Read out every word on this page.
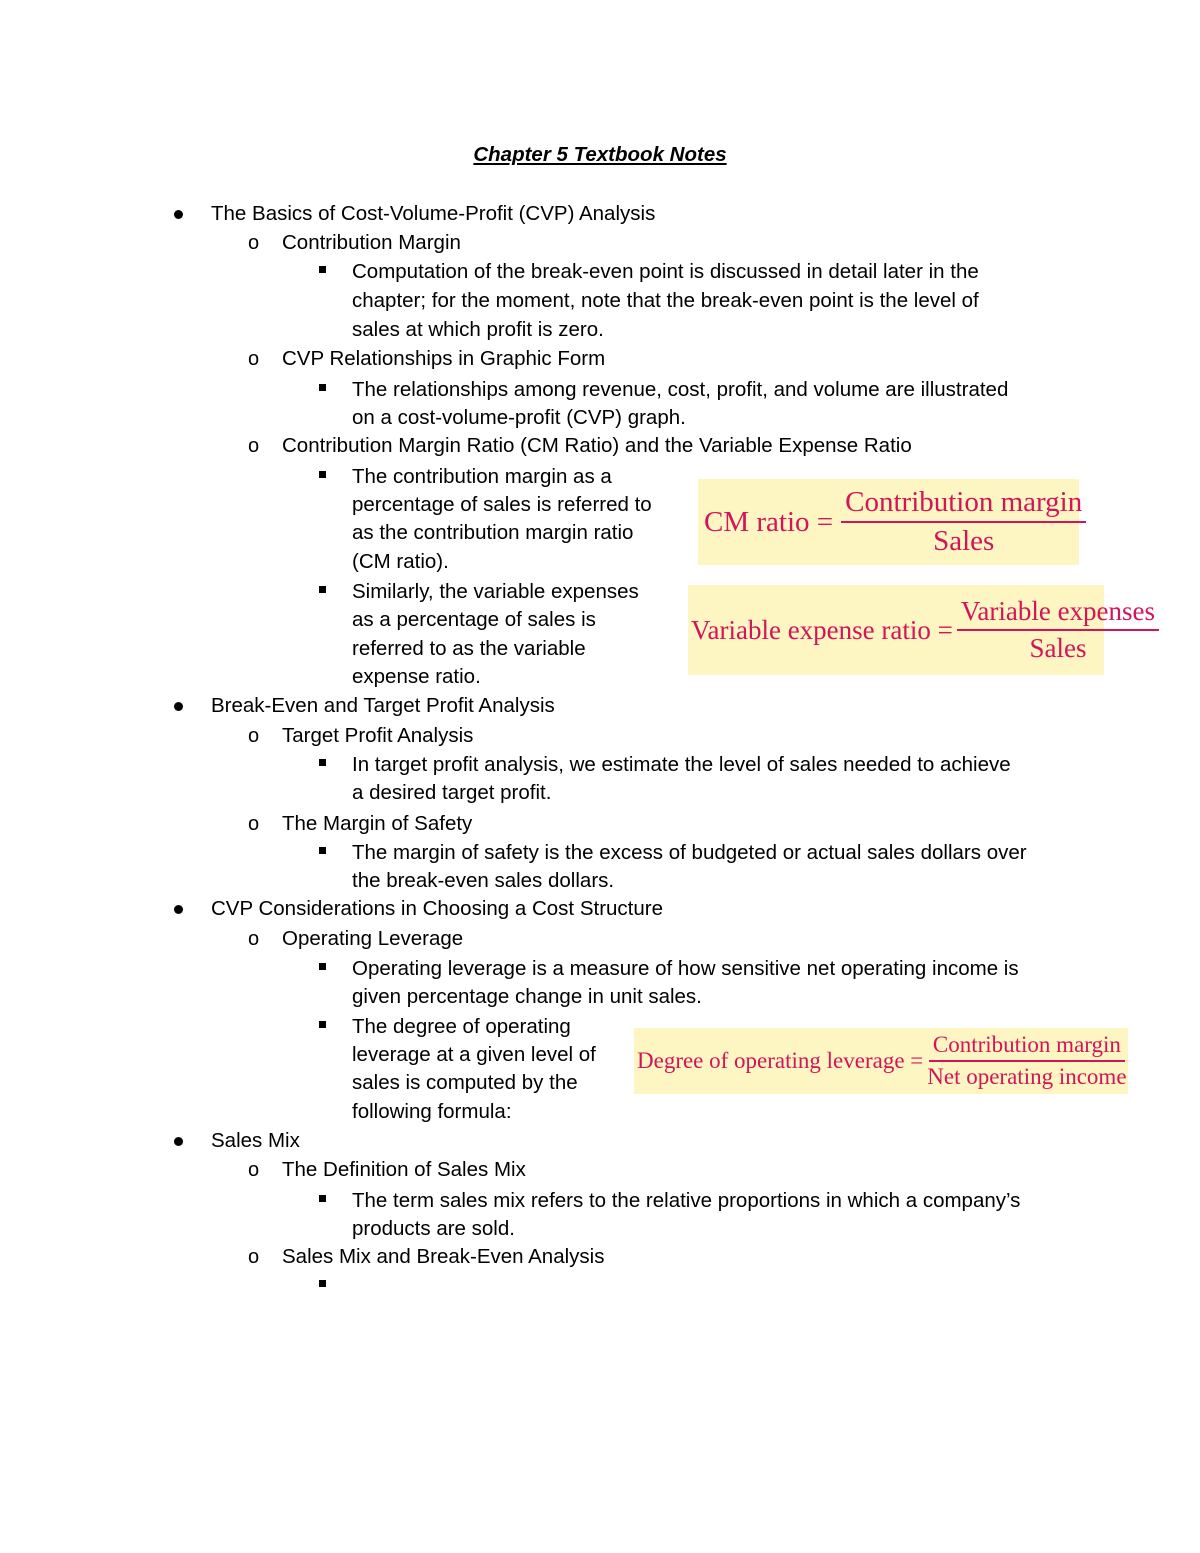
Chapter 5 Textbook Notes
The Basics of Cost-Volume-Profit (CVP) Analysis
o Contribution Margin
Computation of the break-even point is discussed in detail later in the
chapter; for the moment, note that the break-even point is the level of
sales at which profit is zero.
o CVP Relationships in Graphic Form
The relationships among revenue, cost, profit, and volume are illustrated
on a cost-volume-profit (CVP) graph.
o Contribution Margin Ratio (CM Ratio) and the Variable Expense Ratio
The contribution margin as a
percentage of sales is referred to
as the contribution margin ratio
(CM ratio).
Similarly, the variable expenses
as a percentage of sales is
referred to as the variable
expense ratio.
CM ratio = $\frac{\text{Contribution margin}}{\text{Sales}}$
Variable expense ratio = $\frac{\text{Variable expenses}}{\text{Sales}}$
Break-Even and Target Profit Analysis
o Target Profit Analysis
In target profit analysis, we estimate the level of sales needed to achieve
a desired target profit.
o The Margin of Safety
The margin of safety is the excess of budgeted or actual sales dollars over
the break-even sales dollars.
CVP Considerations in Choosing a Cost Structure
o Operating Leverage
Operating leverage is a measure of how sensitive net operating income is
given percentage change in unit sales.
The degree of operating
leverage at a given level of
sales is computed by the
following formula:
Degree of operating leverage = $\frac{\text{Contribution margin}}{\text{Net operating income}}$
Sales Mix
o The Definition of Sales Mix
The term sales mix refers to the relative proportions in which a company’s
products are sold.
o Sales Mix and Break-Even Analysis
